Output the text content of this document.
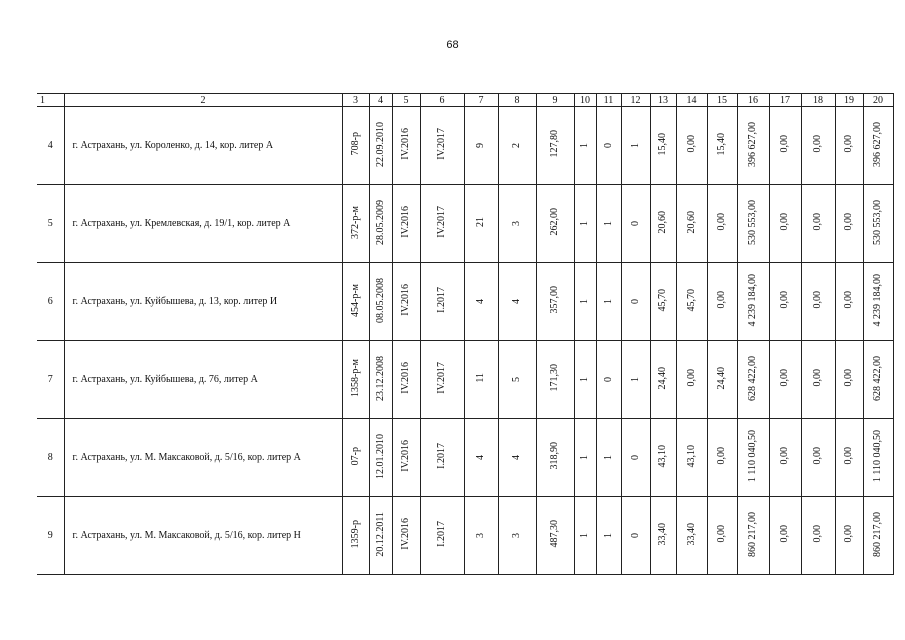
68
1	2	3	4	5	6	7	8	9	10	11	12	13	14	15	16	17	18	19	20
4	г. Астрахань, ул. Короленко, д. 14, кор. литер А	708-р	22.09.2010	IV.2016	IV.2017	9	2	127,80	1	0	1	15,40	0,00	15,40	396 627,00	0,00	0,00	0,00	396 627,00
5	г. Астрахань, ул. Кремлевская, д. 19/1, кор. литер А	372-р-м	28.05.2009	IV.2016	IV.2017	21	3	262,00	1	1	0	20,60	20,60	0,00	530 553,00	0,00	0,00	0,00	530 553,00
6	г. Астрахань, ул. Куйбышева, д. 13, кор. литер И	454-р-м	08.05.2008	IV.2016	I.2017	4	4	357,00	1	1	0	45,70	45,70	0,00	4 239 184,00	0,00	0,00	0,00	4 239 184,00
7	г. Астрахань, ул. Куйбышева, д. 76, литер А	1358-р-м	23.12.2008	IV.2016	IV.2017	11	5	171,30	1	0	1	24,40	0,00	24,40	628 422,00	0,00	0,00	0,00	628 422,00
8	г. Астрахань, ул. М. Максаковой, д. 5/16, кор. литер А	07-р	12.01.2010	IV.2016	I.2017	4	4	318,90	1	1	0	43,10	43,10	0,00	1 110 040,50	0,00	0,00	0,00	1 110 040,50
9	г. Астрахань, ул. М. Максаковой, д. 5/16, кор. литер Н	1359-р	20.12.2011	IV.2016	I.2017	3	3	487,30	1	1	0	33,40	33,40	0,00	860 217,00	0,00	0,00	0,00	860 217,00
